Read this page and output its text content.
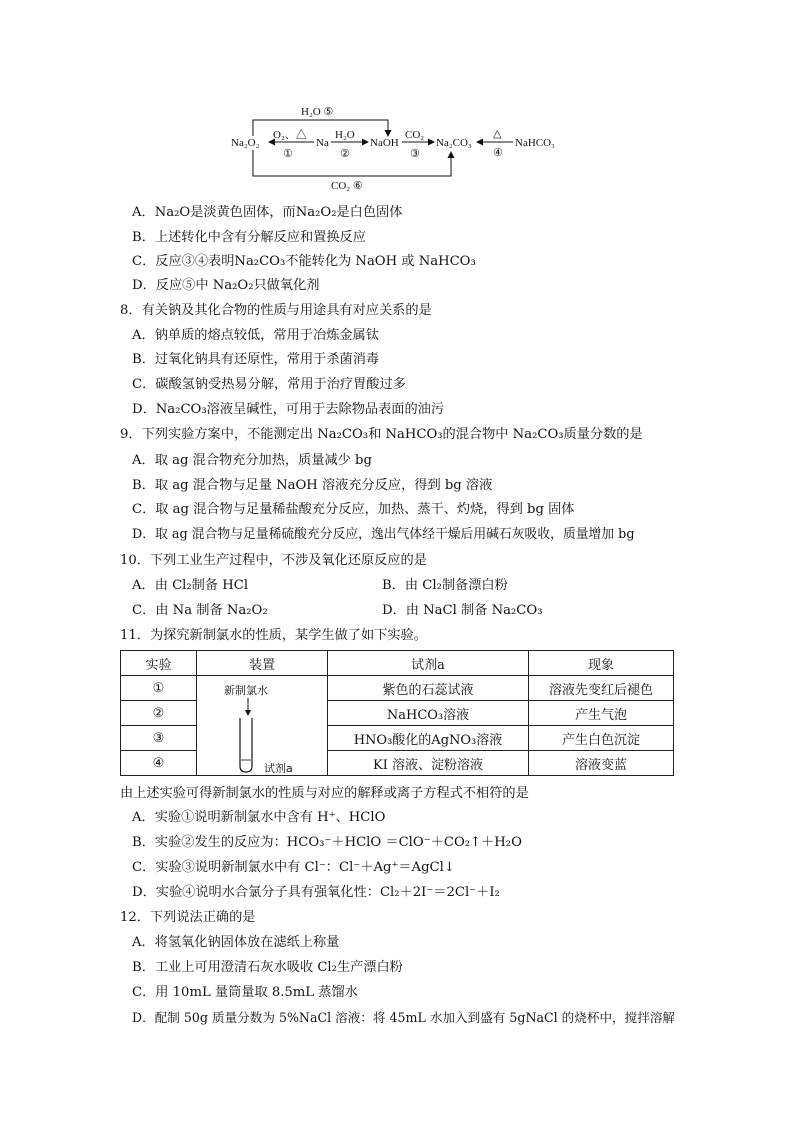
H₂O ⑤
Na₂O₂
O₂、△
①
Na
H₂O
②
NaOH
CO₂
③
Na₂CO₃
△
④
NaHCO₃
CO₂ ⑥
A．Na₂O是淡黄色固体，而Na₂O₂是白色固体
B．上述转化中含有分解反应和置换反应
C．反应③④表明Na₂CO₃不能转化为 NaOH 或 NaHCO₃
D．反应⑤中 Na₂O₂只做氧化剂
8．有关钠及其化合物的性质与用途具有对应关系的是
A．钠单质的熔点较低，常用于冶炼金属钛
B．过氧化钠具有还原性，常用于杀菌消毒
C．碳酸氢钠受热易分解，常用于治疗胃酸过多
D．Na₂CO₃溶液呈碱性，可用于去除物品表面的油污
9．下列实验方案中，不能测定出 Na₂CO₃和 NaHCO₃的混合物中 Na₂CO₃质量分数的是
A．取 ag 混合物充分加热，质量减少 bg
B．取 ag 混合物与足量 NaOH 溶液充分反应，得到 bg 溶液
C．取 ag 混合物与足量稀盐酸充分反应，加热、蒸干、灼烧，得到 bg 固体
D．取 ag 混合物与足量稀硫酸充分反应，逸出气体经干燥后用碱石灰吸收，质量增加 bg
10．下列工业生产过程中，不涉及氧化还原反应的是
A．由 Cl₂制备 HCl	B．由 Cl₂制备漂白粉
C．由 Na 制备 Na₂O₂	D．由 NaCl 制备 Na₂CO₃
11．为探究新制氯水的性质，某学生做了如下实验。
实验	装置	试剂a	现象
①		紫色的石蕊试液	溶液先变红后褪色
②		NaHCO₃溶液	产生气泡
③		HNO₃酸化的AgNO₃溶液	产生白色沉淀
④		KI 溶液、淀粉溶液	溶液变蓝
新制氯水
试剂a
由上述实验可得新制氯水的性质与对应的解释或离子方程式不相符的是
A．实验①说明新制氯水中含有 H⁺、HClO
B．实验②发生的反应为：HCO₃⁻＋HClO ＝ClO⁻＋CO₂↑＋H₂O
C．实验③说明新制氯水中有 Cl⁻：Cl⁻＋Ag⁺＝AgCl↓
D．实验④说明水合氯分子具有强氧化性：Cl₂＋2I⁻＝2Cl⁻＋I₂
12．下列说法正确的是
A．将氢氧化钠固体放在滤纸上称量
B．工业上可用澄清石灰水吸收 Cl₂生产漂白粉
C．用 10mL 量筒量取 8.5mL 蒸馏水
D．配制 50g 质量分数为 5%NaCl 溶液：将 45mL 水加入到盛有 5gNaCl 的烧杯中，搅拌溶解
